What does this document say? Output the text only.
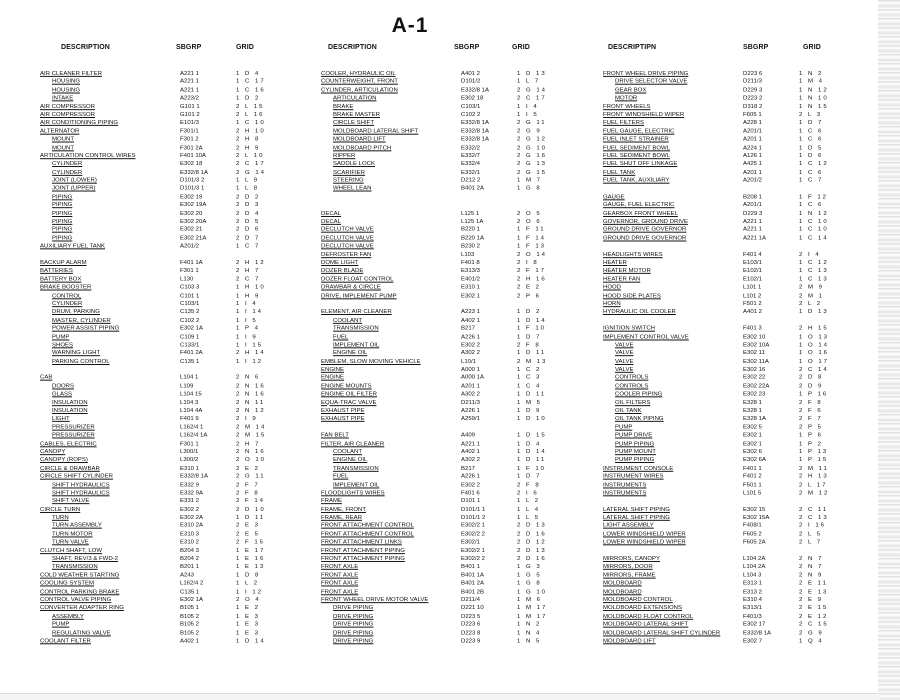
A-1
DESCRIPTION	SBGRP	GRID	DESCRIPTION	SBGRP	GRID	DESCRIPTIPN	SBGRP	GRID
AIR CLEANER FILTER	A221 1	1 D 4
HOUSING	A221 1	1 C 17
HOUSING	A221 1	1 C 16
INTAKE	A223/2	1 D 2
AIR COMPRESSOR	G101 1	2 L 15
AIR COMPRESSOR	G101 2	2 L 16
AIR CONDITIONING PIPING	E101/3	1 C 10
ALTERNATOR	F301/1	2 H 10
MOUNT	F301 2	2 H 8
MOUNT	F301 2A	2 H 9
ARTICULATION CONTROL WIRES	F401 10A	2 L 10
CYLINDER	E302 18	2 C 17
CYLINDER	E332/8 1A	2 G 14
JOINT (LOWER)	D101/3 2	1 L 9
JOINT (UPPER)	D101/3 1	1 L 8
PIPING	E302 19	2 D 2
PIPING	E302 19A	2 D 3
PIPING	E302 20	2 D 4
PIPING	E302 20A	2 D 5
PIPING	E302 21	2 D 6
PIPING	E302 21A	2 D 7
AUXILIARY FUEL TANK	A201/2	1 C 7
BACKUP ALARM	F401 1A	2 H 12
BATTERIES	F301 1	2 H 7
BATTERY BOX	L130	2 C 7
BRAKE BOOSTER	C103 3	1 H 10
CONTROL	C101 1	1 H 9
CYLINDER	C103/1	1 I 4
DRUM, PARKING	C135 2	1 I 14
MASTER, CYLINDER	C102 2	1 I 5
POWER ASSIST PIPING	E302 1A	1 P 4
PUMP	C109 1	1 I 9
SHOES	C133/1	1 I 15
WARNING LIGHT	F401 2A	2 H 14
PARKING CONTROL	C135 1	1 I 12
CAB	L104 1	2 N 6
DOORS	L109	2 N 16
GLASS	L104 15	2 N 16
INSULATION	L104 3	2 N 11
INSULATION	L104 4A	2 N 12
LIGHT	F401 9	2 I 9
PRESSURIZER	L162/4 1	2 M 14
PRESSURIZER	L162/4 1A	2 M 15
CABLES, ELECTRIC	F301 1	2 H 7
CANOPY	L300/1	2 N 16
CANOPY (ROPS)	L300/2	2 O 10
CIRCLE & DRAWBAR	E310 1	2 E 2
CIRCLE SHIFT CYLINDER	E332/8 1A	2 G 11
SHIFT HYDRAULICS	E332 9	2 F 7
SHIFT HYDRAULICS	E332 9A	2 F 8
SHIFT VALVE	E331 2	2 F 14
CIRCLE TURN	E302 2	2 D 10
TURN	E302 2A	1 D 11
TURN ASSEMBLY	E310 2A	2 E 3
TURN MOTOR	E310 3	2 E 5
TURN VALVE	E310 2	2 F 15
CLUTCH SHAFT, LOW	B204 3	1 E 17
SHAFT, REV/3 & FWD-2	B204 2	1 E 16
TRANSMISSION	B201 1	1 E 13
COLD WEATHER STARTING	A243	1 D 8
COOLING SYSTEM	L162/4 2	1 L 2
CONTROL PARKING BRAKE	C135 1	1 I 12
CONTROL VALVE PIPING	E302 1A	2 O 4
CONVERTER ADAPTER RING	B105 1	1 E 2
ASSEMBLY	B105 2	1 E 3
PUMP	B105 2	1 E 3
REGULATING VALVE	B105 2	1 E 3
COOLANT FILTER	A402 1	1 D 14
COOLER, HYDRAULIC OIL	A401 2	1 D 13
COUNTERWEIGHT, FRONT	D101/2	1 L 7
CYLINDER, ARTICULATION	E332/8 1A	2 G 14
ARTICULATION	E302 18	2 C 17
BRAKE	C103/1	1 I 4
BRAKE MASTER	C102 2	1 I 5
CIRCLE SHIFT	E332/8 1A	2 G 11
MOLDBOARD LATERAL SHIFT	E332/8 1A	2 G 9
MOLDBOARD LIFT	E332/8 1A	2 G 12
MOLDBOARD PITCH	E332/2	2 G 10
RIPPER	E332/7	2 G 16
SADDLE LOCK	E332/4	2 G 13
SCARIFIER	E332/1	2 G 15
STEERING	D212 2	1 M 7
WHEEL LEAN	B401 2A	1 G 8
DECAL	L125 1	2 O 5
DECAL	L125 1A	2 O 6
DECLUTCH VALVE	B220 1	1 F 11
DECLUTCH VALVE	B220 1A	1 F 14
DECLUTCH VALVE	B230 2	1 F 13
DEFROSTER FAN	L103	2 O 14
DOME LIGHT	F401 8	2 I 8
DOZER BLADE	E313/3	2 F 17
DOZER FLOAT CONTROL	E401/2	2 H 16
DRAWBAR & CIRCLE	E310 1	2 E 2
DRIVE, IMPLEMENT PUMP	E302 1	2 P 6
ELEMENT, AIR CLEANER	A223 1	1 D 2
COOLANT	A402 1	1 D 14
TRANSMISSION	B217	1 F 10
FUEL	A226 1	1 D 7
IMPLEMENT OIL	E302 2	2 F 8
ENGINE OIL	A302 2	1 D 11
EMBLEM, SLOW MOVING VEHICLE	L10/1	2 M 13
ENGINE	A000 1	1 C 2
ENGINE	A000 1A	1 C 3
ENGINE MOUNTS	A201 1	1 C 4
ENGINE OIL FILTER	A302 2	1 D 11
EQUA-TRAC VALVE	D211/3	1 M 5
EXHAUST PIPE	A226 1	1 D 9
EXHAUST PIPE	A259/1	1 D 10
FAN BELT	A409	1 D 15
FILTER, AIR CLEANER	A221 1	1 D 4
COOLANT	A402 1	1 D 14
ENGINE OIL	A302 2	1 D 11
TRANSMISSION	B217	1 F 10
FUEL	A226 1	1 D 7
IMPLEMENT OIL	E302 2	2 F 8
FLOODLIGHTS WIRES	F401 6	2 I 6
FRAME	D101 1	1 L 2
FRAME, FRONT	D101/1 1	1 L 4
FRAME, REAR	D101/1 2	1 L 5
FRONT ATTACHMENT CONTROL	E302/2 1	2 D 13
FRONT ATTACHMENT CONTROL	E302/2 2	2 D 16
FRONT ATTACHMENT LINKS	E302/1	2 D 12
FRONT ATTACHMENT PIPING	E302/2 1	2 D 13
FRONT ATTACHMENT PIPING	E302/2 2	2 D 16
FRONT AXLE	B401 1	1 G 3
FRONT AXLE	B401 1A	1 G 5
FRONT AXLE	B401 2A	1 G 8
FRONT AXLE	B401 2B	1 G 10
FRONT WHEEL DRIVE MOTOR VALVE	D211/4	1 M 6
DRIVE PIPING	D221 10	1 M 17
DRIVE PIPING	D223 5	1 M 17
DRIVE PIPING	D223 6	1 N 2
DRIVE PIPING	D223 8	1 N 4
DRIVE PIPING	D223 9	1 N 5
FRONT WHEEL DRIVE PIPING	D223 6	1 N 2
DRIVE SELECTOR VALVE	D211/3	1 M 4
GEAR BOX	D229 3	1 N 12
MOTOR	D223 2	1 N 10
FRONT WHEELS	D318 2	1 N 15
FRONT WINDSHIELD WIPER	F605 1	2 L 3
FUEL FILTERS	A228 1	1 D 7
FUEL GAUGE, ELECTRIC	A201/1	1 C 6
FUEL INLET STRAINER	A201 1	1 C 6
FUEL SEDIMENT BOWL	A224 1	1 D 5
FUEL SEDIMENT BOWL	A126 1	1 D 6
FUEL SHUT OFF LINKAGE	A425 1	1 C 12
FUEL TANK	A201 1	1 C 6
FUEL TANK, AUXILIARY	A201/2	1 C 7
GAUGE	B208 1	1 F 12
GAUGE, FUEL ELECTRIC	A201/1	1 C 6
GEARBOX FRONT WHEEL	D229 3	1 N 12
GOVERNOR, GROUND DRIVE	A221 1	1 C 10
GROUND DRIVE GOVERNOR	A221 1	1 C 10
GROUND DRIVE GOVERNOR	A221 1A	1 C 14
HEADLIGHTS WIRES	F401 4	2 I 4
HEATER	E103/1	1 C 12
HEATER MOTOR	E102/1	1 C 13
HEATER FAN	E102/1	1 C 13
HOOD	L101 1	2 M 9
HOOD SIDE PLATES	L101 2	2 M 1
HORN	F501 2	2 L 2
HYDRAULIC OIL COOLER	A401 2	1 D 13
IGNITION SWITCH	F401 3	2 H 15
IMPLEMENT CONTROL VALVE	E302 10	1 O 13
VALVE	E302 10A	1 O 14
VALVE	E302 11	1 O 16
VALVE	E302 11A	1 O 17
VALVE	E302 16	2 C 14
CONTROLS	E302 22	2 D 8
CONTROLS	E302 22A	2 D 9
COOLER PIPING	E302 23	1 P 16
OIL FILTERS	E328 1	2 F 8
OIL TANK	E328 1	2 F 6
OIL TANK PIPING	E328 1A	2 F 7
PUMP	E302 5	2 P 5
PUMP DRIVE	E302 1	1 P 6
PUMP PIPING	E302 1	1 P 2
PUMP MOUNT	E302 6	1 P 13
PUMP PIPING	E302 6A	1 P 15
INSTRUMENT CONSOLE	F401 1	2 M 11
INSTRUMENT WIRES	F401 2	2 H 13
INSTRUMENTS	F501 1	2 L 17
INSTRUMENTS	L101 5	2 M 12
LATERAL SHIFT PIPING	E302 15	2 C 11
LATERAL SHIFT PIPING	E302 15A	2 C 13
LIGHT ASSEMBLY	F408/1	2 I 16
LOWER WINDSHIELD WIPER	F605 2	2 L 5
LOWER WINDSHIELD WIPER	F605 2A	2 L 7
MIRRORS, CANOPY	L104 2A	2 N 7
MIRRORS, DOOR	L104 2A	2 N 7
MIRRORS, FRAME	L104 3	2 N 9
MOLDBOARD	E313 1	2 E 11
MOLDBOARD	E313 2	2 E 13
MOLDBOARD CONTROL	E310 4	2 E 9
MOLDBOARD EXTENSIONS	E313/1	2 E 15
MOLDBOARD FLOAT CONTROL	F401/3	2 E 12
MOLDBOARD LATERAL SHIFT	E302 17	2 C 15
MOLDBOARD LATERAL SHIFT CYLINDER	E332/8 1A	2 G 9
MOLDBOARD LIFT	E302 7	1 Q 4
